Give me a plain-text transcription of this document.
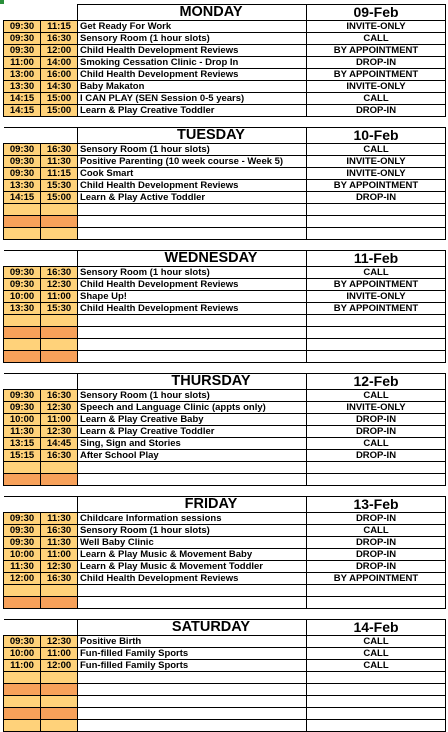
		MONDAY	09-Feb
09:30	11:15	Get Ready For Work	INVITE-ONLY
09:30	16:30	Sensory Room (1 hour slots)	CALL
09:30	12:00	Child Health Development Reviews	BY APPOINTMENT
11:00	14:00	Smoking Cessation Clinic - Drop In	DROP-IN
13:00	16:00	Child Health Development Reviews	BY APPOINTMENT
13:30	14:30	Baby Makaton	INVITE-ONLY
14:15	15:00	I CAN PLAY (SEN Session 0-5 years)	CALL
14:15	15:00	Learn & Play Creative Toddler	DROP-IN

		TUESDAY	10-Feb
09:30	16:30	Sensory Room (1 hour slots)	CALL
09:30	11:30	Positive Parenting (10 week course - Week 5)	INVITE-ONLY
09:30	11:15	Cook Smart	INVITE-ONLY
13:30	15:30	Child Health Development Reviews	BY APPOINTMENT
14:15	15:00	Learn & Play Active Toddler	DROP-IN

		WEDNESDAY	11-Feb
09:30	16:30	Sensory Room (1 hour slots)	CALL
09:30	12:30	Child Health Development Reviews	BY APPOINTMENT
10:00	11:00	Shape Up!	INVITE-ONLY
13:30	15:30	Child Health Development Reviews	BY APPOINTMENT

		THURSDAY	12-Feb
09:30	16:30	Sensory Room (1 hour slots)	CALL
09:30	12:30	Speech and Language Clinic (appts only)	INVITE-ONLY
10:00	11:00	Learn & Play Creative Baby	DROP-IN
11:30	12:30	Learn & Play Creative Toddler	DROP-IN
13:15	14:45	Sing, Sign and Stories	CALL
15:15	16:30	After School Play	DROP-IN

		FRIDAY	13-Feb
09:30	11:30	Childcare Information sessions	DROP-IN
09:30	16:30	Sensory Room (1 hour slots)	CALL
09:30	11:30	Well Baby Clinic	DROP-IN
10:00	11:00	Learn & Play Music & Movement Baby	DROP-IN
11:30	12:30	Learn & Play Music & Movement Toddler	DROP-IN
12:00	16:30	Child Health Development Reviews	BY APPOINTMENT

		SATURDAY	14-Feb
09:30	12:30	Positive Birth	CALL
10:00	11:00	Fun-filled Family Sports	CALL
11:00	12:00	Fun-filled Family Sports	CALL
